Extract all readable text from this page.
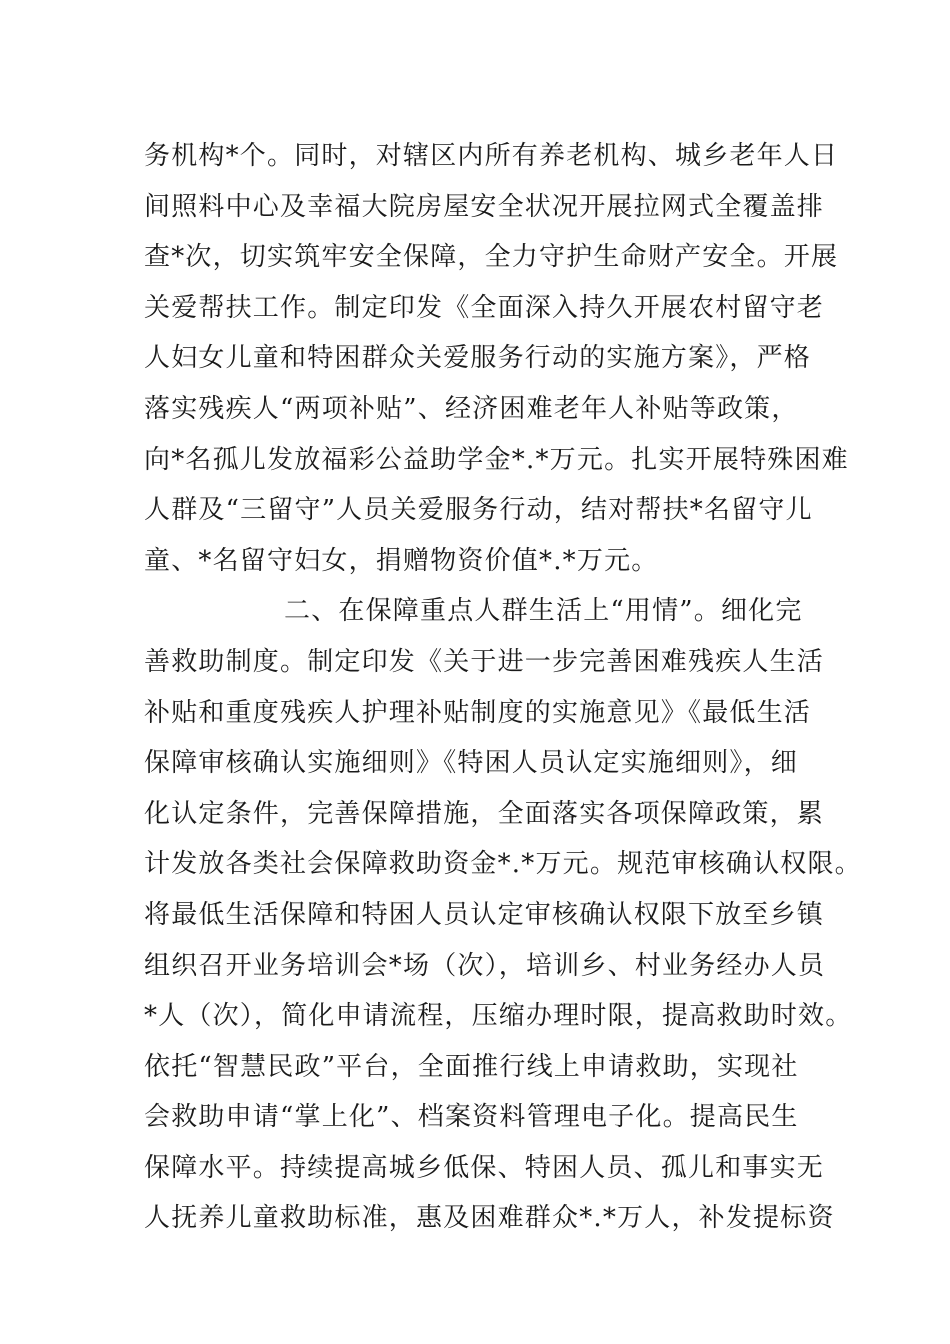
务机构*个。同时，对辖区内所有养老机构、城乡老年人日
间照料中心及幸福大院房屋安全状况开展拉网式全覆盖排
查*次，切实筑牢安全保障，全力守护生命财产安全。开展
关爱帮扶工作。制定印发《全面深入持久开展农村留守老
人妇女儿童和特困群众关爱服务行动的实施方案》，严格
落实残疾人“两项补贴”、经济困难老年人补贴等政策，
向*名孤儿发放福彩公益助学金*.*万元。扎实开展特殊困难
人群及“三留守”人员关爱服务行动，结对帮扶*名留守儿
童、*名留守妇女，捐赠物资价值*.*万元。
二、在保障重点人群生活上“用情”。细化完
善救助制度。制定印发《关于进一步完善困难残疾人生活
补贴和重度残疾人护理补贴制度的实施意见》《最低生活
保障审核确认实施细则》《特困人员认定实施细则》，细
化认定条件，完善保障措施，全面落实各项保障政策，累
计发放各类社会保障救助资金*.*万元。规范审核确认权限。
将最低生活保障和特困人员认定审核确认权限下放至乡镇
组织召开业务培训会*场（次），培训乡、村业务经办人员
*人（次），简化申请流程，压缩办理时限，提高救助时效。
依托“智慧民政”平台，全面推行线上申请救助，实现社
会救助申请“掌上化”、档案资料管理电子化。提高民生
保障水平。持续提高城乡低保、特困人员、孤儿和事实无
人抚养儿童救助标准，惠及困难群众*.*万人，补发提标资
